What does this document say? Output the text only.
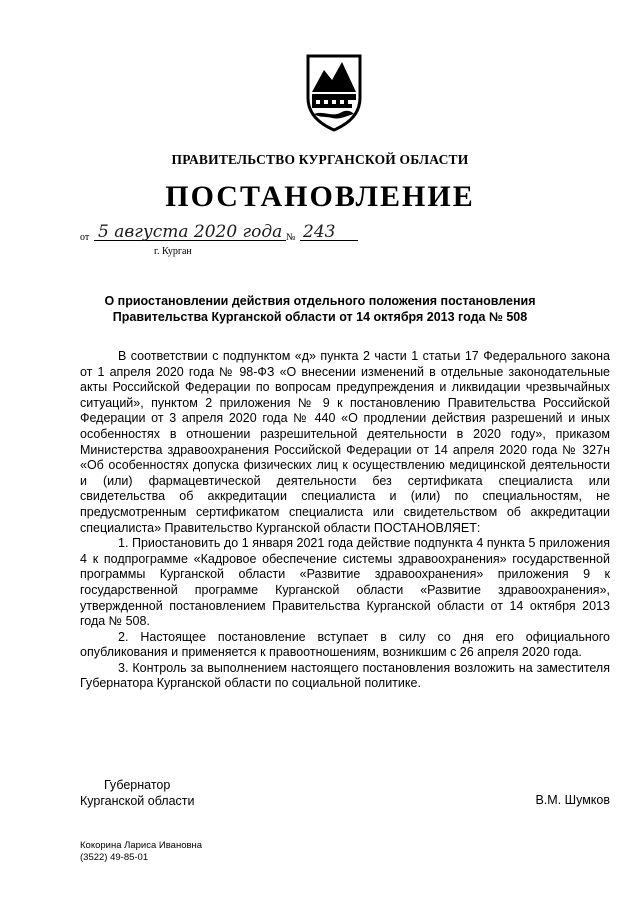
ПРАВИТЕЛЬСТВО КУРГАНСКОЙ ОБЛАСТИ
ПОСТАНОВЛЕНИЕ
от 5 августа 2020 года № 243
г. Курган
О приостановлении действия отдельного положения постановления
Правительства Курганской области от 14 октября 2013 года № 508

В соответствии с подпунктом «д» пункта 2 части 1 статьи 17 Федерального закона от 1 апреля 2020 года № 98-ФЗ «О внесении изменений в отдельные законодательные акты Российской Федерации по вопросам предупреждения и ликвидации чрезвычайных ситуаций», пунктом 2 приложения № 9 к постановлению Правительства Российской Федерации от 3 апреля 2020 года № 440 «О продлении действия разрешений и иных особенностях в отношении разрешительной деятельности в 2020 году», приказом Министерства здравоохранения Российской Федерации от 14 апреля 2020 года № 327н «Об особенностях допуска физических лиц к осуществлению медицинской деятельности и (или) фармацевтической деятельности без сертификата специалиста или свидетельства об аккредитации специалиста и (или) по специальностям, не предусмотренным сертификатом специалиста или свидетельством об аккредитации специалиста» Правительство Курганской области ПОСТАНОВЛЯЕТ:

1. Приостановить до 1 января 2021 года действие подпункта 4 пункта 5 приложения 4 к подпрограмме «Кадровое обеспечение системы здравоохранения» государственной программы Курганской области «Развитие здравоохранения» приложения 9 к государственной программе Курганской области «Развитие здравоохранения», утвержденной постановлением Правительства Курганской области от 14 октября 2013 года № 508.

2. Настоящее постановление вступает в силу со дня его официального опубликования и применяется к правоотношениям, возникшим с 26 апреля 2020 года.

3. Контроль за выполнением настоящего постановления возложить на заместителя Губернатора Курганской области по социальной политике.

Губернатор
Курганской области	В.М. Шумков
Кокорина Лариса Ивановна
(3522) 49-85-01
